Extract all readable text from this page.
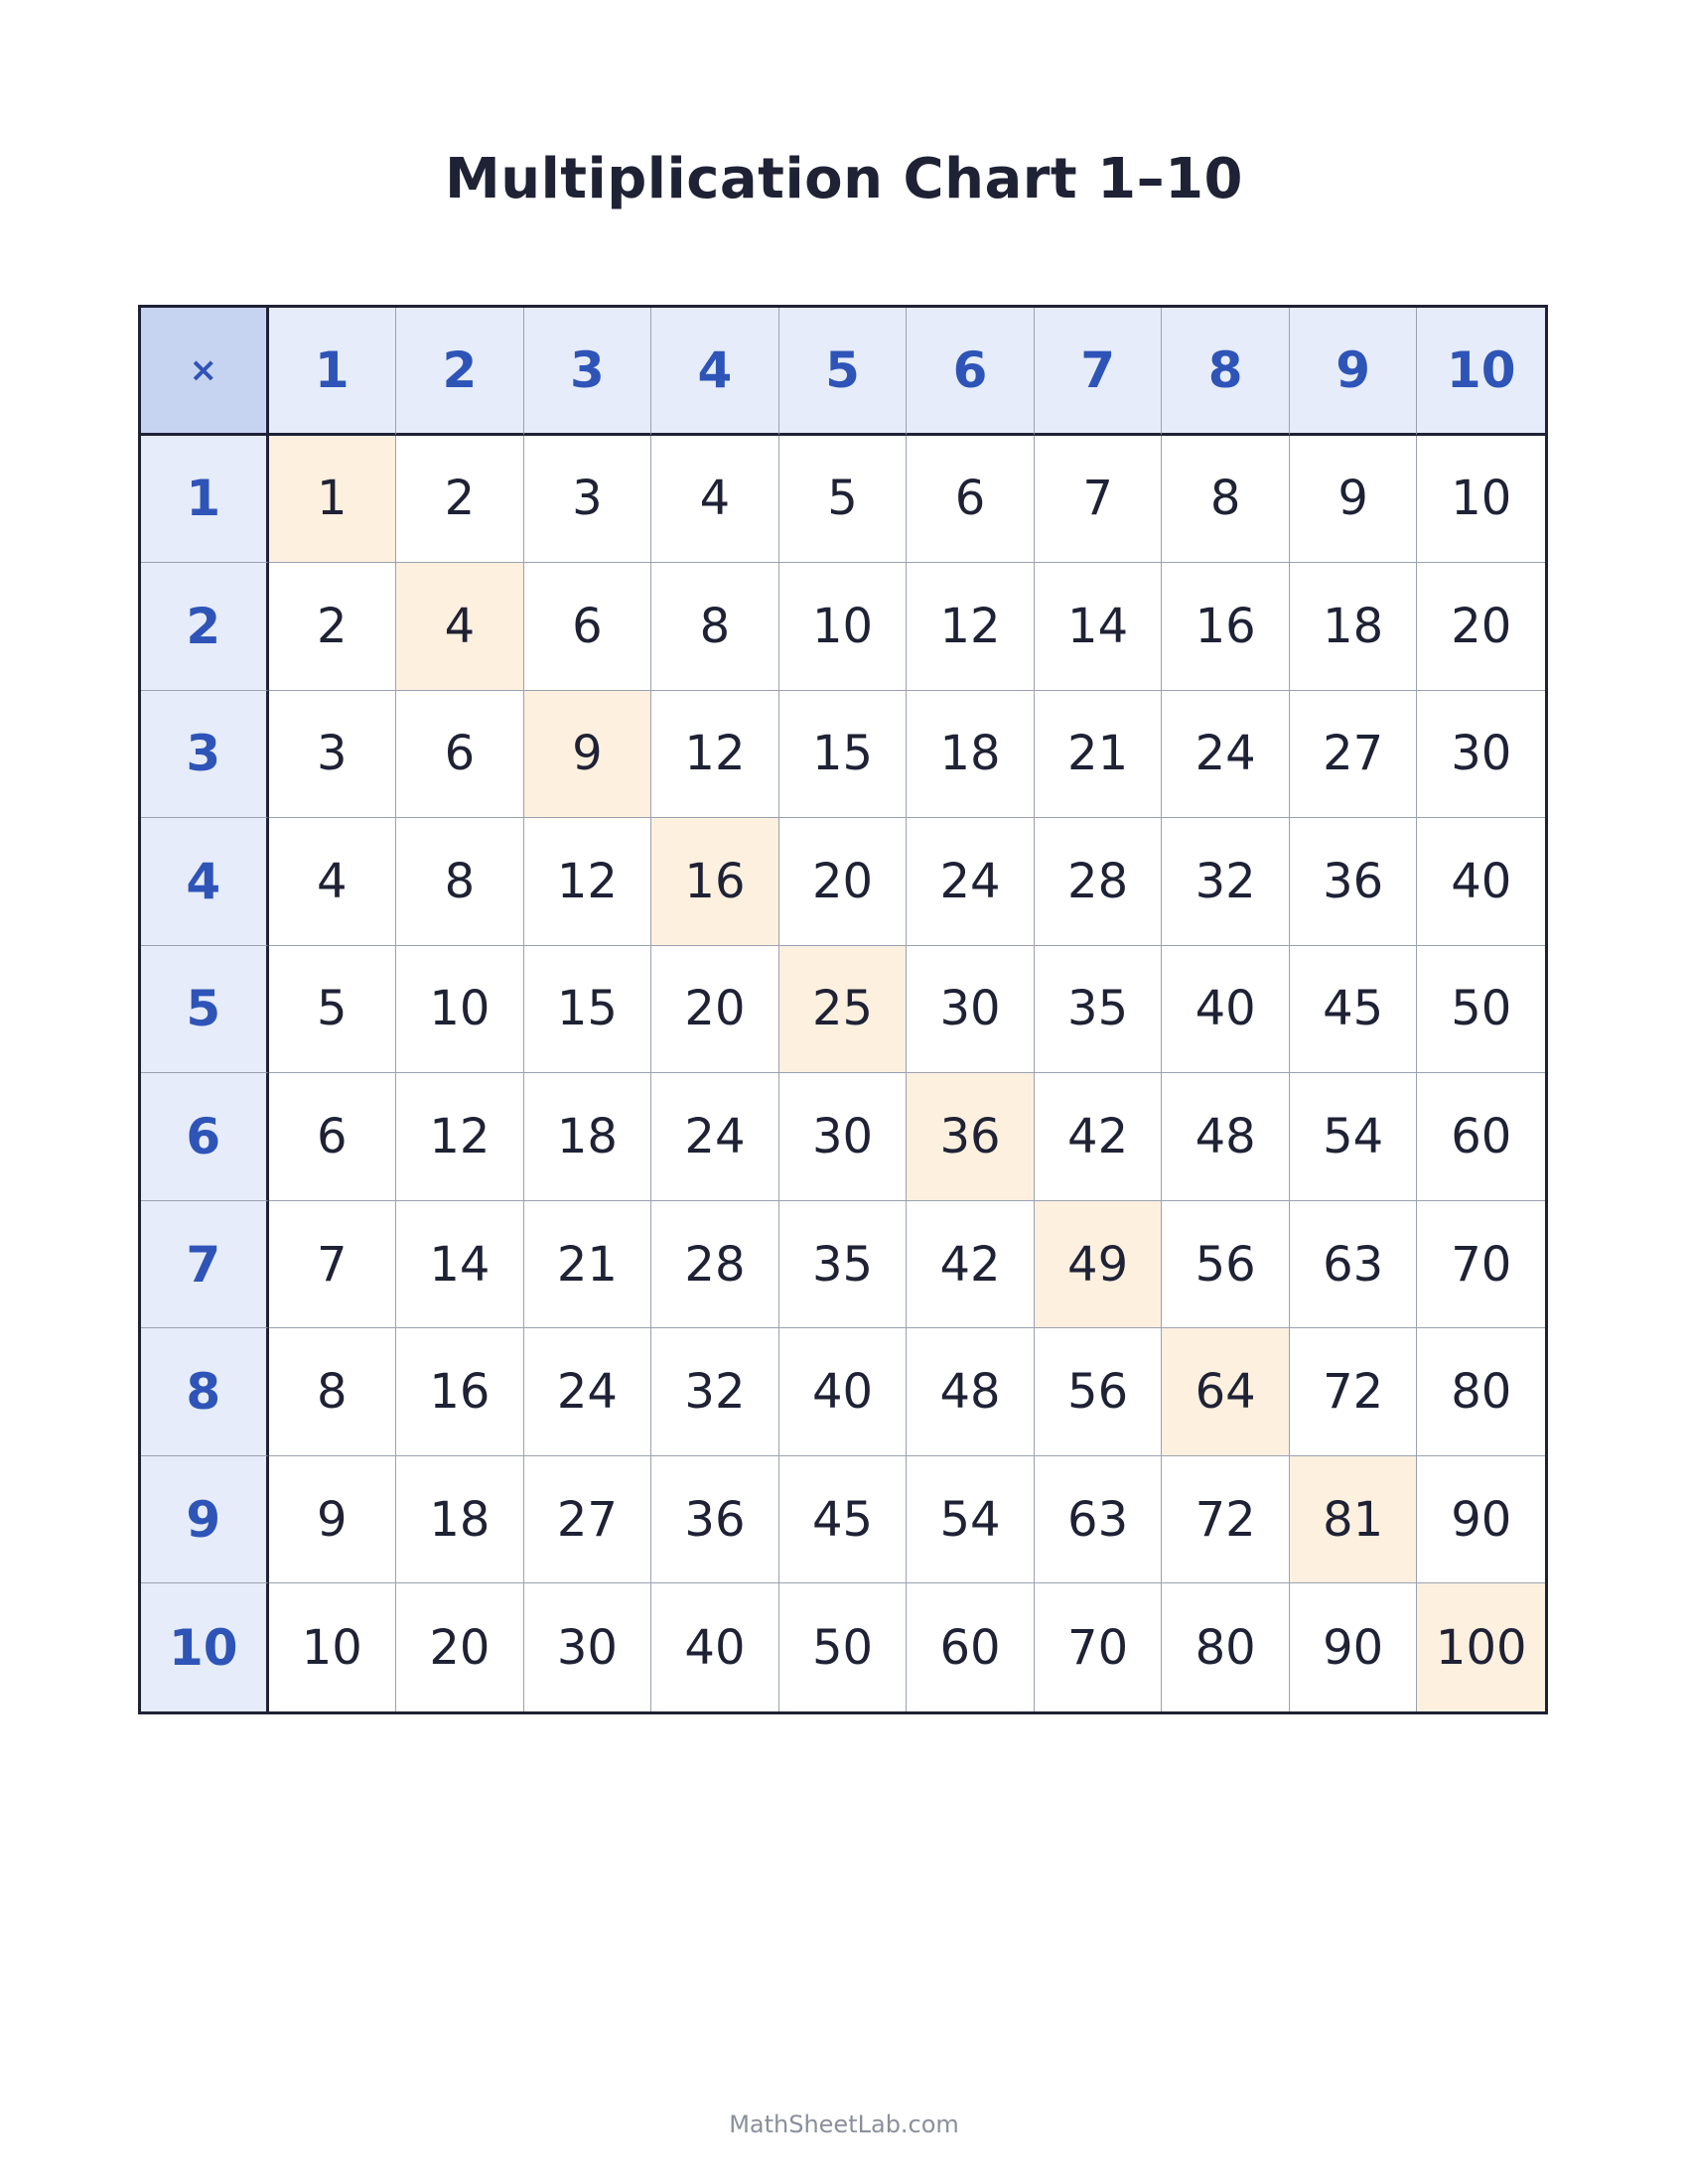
Multiplication Chart 1–10
×	1	2	3	4	5	6	7	8	9	10
1	1	2	3	4	5	6	7	8	9	10
2	2	4	6	8	10	12	14	16	18	20
3	3	6	9	12	15	18	21	24	27	30
4	4	8	12	16	20	24	28	32	36	40
5	5	10	15	20	25	30	35	40	45	50
6	6	12	18	24	30	36	42	48	54	60
7	7	14	21	28	35	42	49	56	63	70
8	8	16	24	32	40	48	56	64	72	80
9	9	18	27	36	45	54	63	72	81	90
10	10	20	30	40	50	60	70	80	90	100
MathSheetLab.com
